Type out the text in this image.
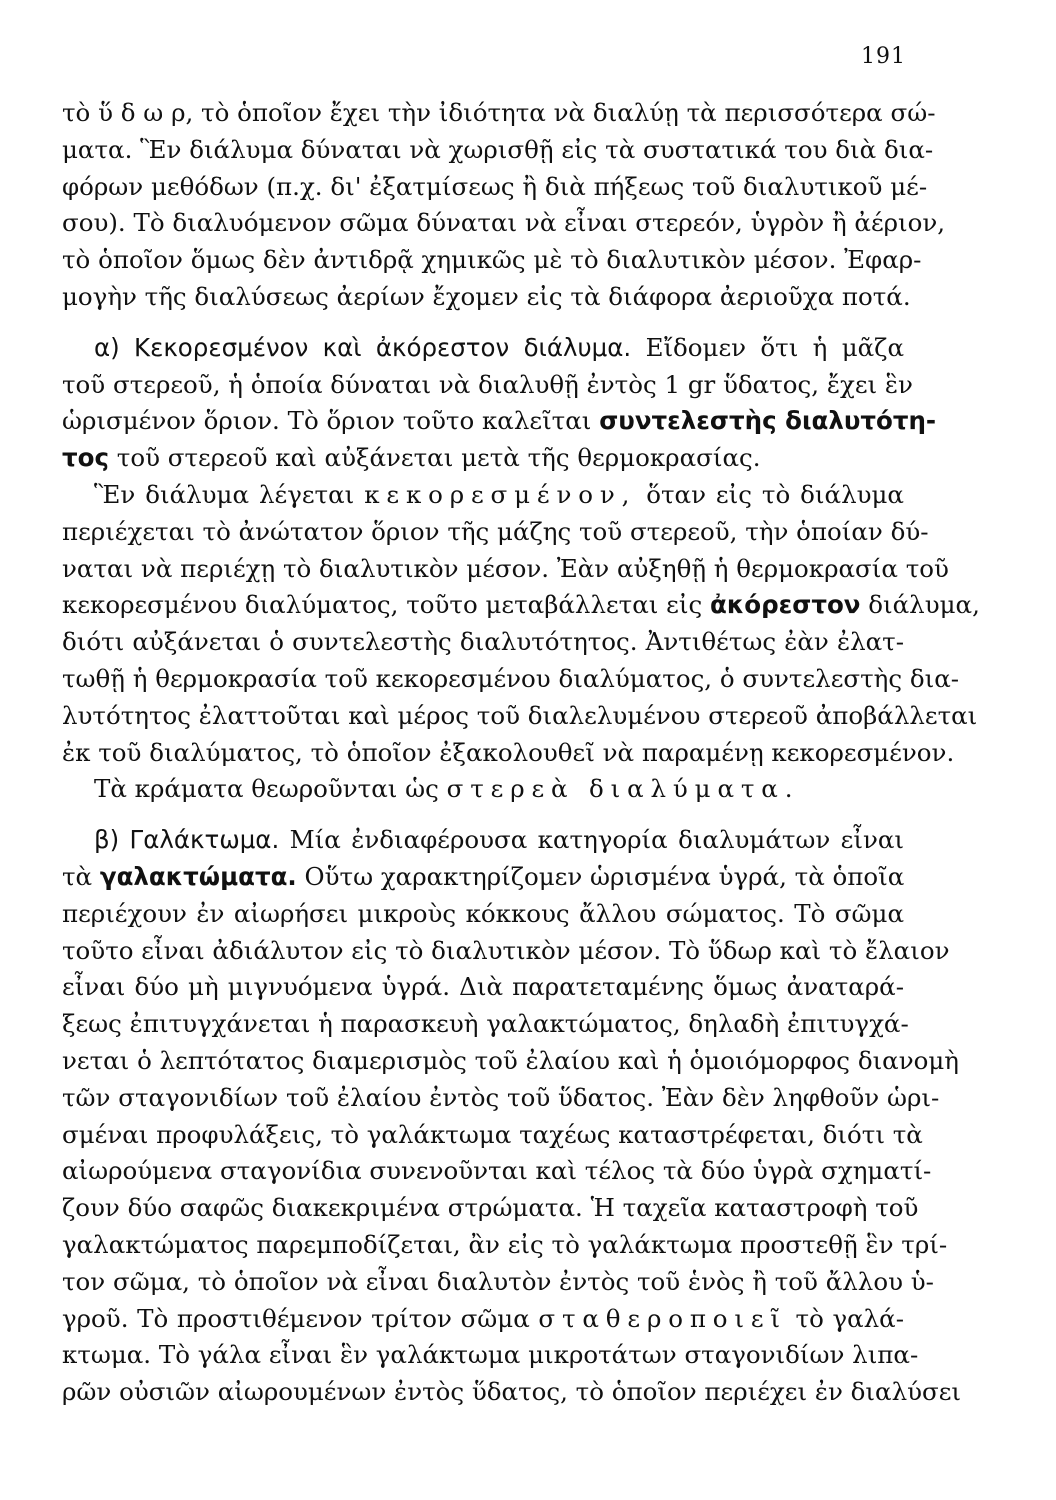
191
τὸ ὕ δ ω ρ, τὸ ὁποῖον ἔχει τὴν ἰδιότητα νὰ διαλύῃ τὰ περισσότερα σώ-
ματα. Ἓν διάλυμα δύναται νὰ χωρισθῇ εἰς τὰ συστατικά του διὰ δια-
φόρων μεθόδων (π.χ. δι' ἐξατμίσεως ἢ διὰ πήξεως τοῦ διαλυτικοῦ μέ-
σου). Τὸ διαλυόμενον σῶμα δύναται νὰ εἶναι στερεόν, ὑγρὸν ἢ ἀέριον,
τὸ ὁποῖον ὅμως δὲν ἀντιδρᾷ χημικῶς μὲ τὸ διαλυτικὸν μέσον. Ἐφαρ-
μογὴν τῆς διαλύσεως ἀερίων ἔχομεν εἰς τὰ διάφορα ἀεριοῦχα ποτά.
α) Κεκορεσμένον καὶ ἀκόρεστον διάλυμα. Εἴδομεν ὅτι ἡ μᾶζα
τοῦ στερεοῦ, ἡ ὁποία δύναται νὰ διαλυθῇ ἐντὸς 1 gr ὕδατος, ἔχει ἓν
ὡρισμένον ὅριον. Τὸ ὅριον τοῦτο καλεῖται συντελεστὴς διαλυτότη-
τος τοῦ στερεοῦ καὶ αὐξάνεται μετὰ τῆς θερμοκρασίας.
Ἓν διάλυμα λέγεται κεκορεσμένον, ὅταν εἰς τὸ διάλυμα
περιέχεται τὸ ἀνώτατον ὅριον τῆς μάζης τοῦ στερεοῦ, τὴν ὁποίαν δύ-
ναται νὰ περιέχῃ τὸ διαλυτικὸν μέσον. Ἐὰν αὐξηθῇ ἡ θερμοκρασία τοῦ
κεκορεσμένου διαλύματος, τοῦτο μεταβάλλεται εἰς ἀκόρεστον διάλυμα,
διότι αὐξάνεται ὁ συντελεστὴς διαλυτότητος. Ἀντιθέτως ἐὰν ἐλατ-
τωθῇ ἡ θερμοκρασία τοῦ κεκορεσμένου διαλύματος, ὁ συντελεστὴς δια-
λυτότητος ἐλαττοῦται καὶ μέρος τοῦ διαλελυμένου στερεοῦ ἀποβάλλεται
ἐκ τοῦ διαλύματος, τὸ ὁποῖον ἐξακολουθεῖ νὰ παραμένῃ κεκορεσμένον.
Τὰ κράματα θεωροῦνται ὡς στερεὰ διαλύματα.
β) Γαλάκτωμα. Μία ἐνδιαφέρουσα κατηγορία διαλυμάτων εἶναι
τὰ γαλακτώματα. Οὕτω χαρακτηρίζομεν ὡρισμένα ὑγρά, τὰ ὁποῖα
περιέχουν ἐν αἰωρήσει μικροὺς κόκκους ἄλλου σώματος. Τὸ σῶμα
τοῦτο εἶναι ἀδιάλυτον εἰς τὸ διαλυτικὸν μέσον. Τὸ ὕδωρ καὶ τὸ ἔλαιον
εἶναι δύο μὴ μιγνυόμενα ὑγρά. Διὰ παρατεταμένης ὅμως ἀναταρά-
ξεως ἐπιτυγχάνεται ἡ παρασκευὴ γαλακτώματος, δηλαδὴ ἐπιτυγχά-
νεται ὁ λεπτότατος διαμερισμὸς τοῦ ἐλαίου καὶ ἡ ὁμοιόμορφος διανομὴ
τῶν σταγονιδίων τοῦ ἐλαίου ἐντὸς τοῦ ὕδατος. Ἐὰν δὲν ληφθοῦν ὡρι-
σμέναι προφυλάξεις, τὸ γαλάκτωμα ταχέως καταστρέφεται, διότι τὰ
αἰωρούμενα σταγονίδια συνενοῦνται καὶ τέλος τὰ δύο ὑγρὰ σχηματί-
ζουν δύο σαφῶς διακεκριμένα στρώματα. Ἡ ταχεῖα καταστροφὴ τοῦ
γαλακτώματος παρεμποδίζεται, ἂν εἰς τὸ γαλάκτωμα προστεθῇ ἓν τρί-
τον σῶμα, τὸ ὁποῖον νὰ εἶναι διαλυτὸν ἐντὸς τοῦ ἑνὸς ἢ τοῦ ἄλλου ὑ-
γροῦ. Τὸ προστιθέμενον τρίτον σῶμα σταθεροποιεῖ τὸ γαλά-
κτωμα. Τὸ γάλα εἶναι ἓν γαλάκτωμα μικροτάτων σταγονιδίων λιπα-
ρῶν οὐσιῶν αἰωρουμένων ἐντὸς ὕδατος, τὸ ὁποῖον περιέχει ἐν διαλύσει
